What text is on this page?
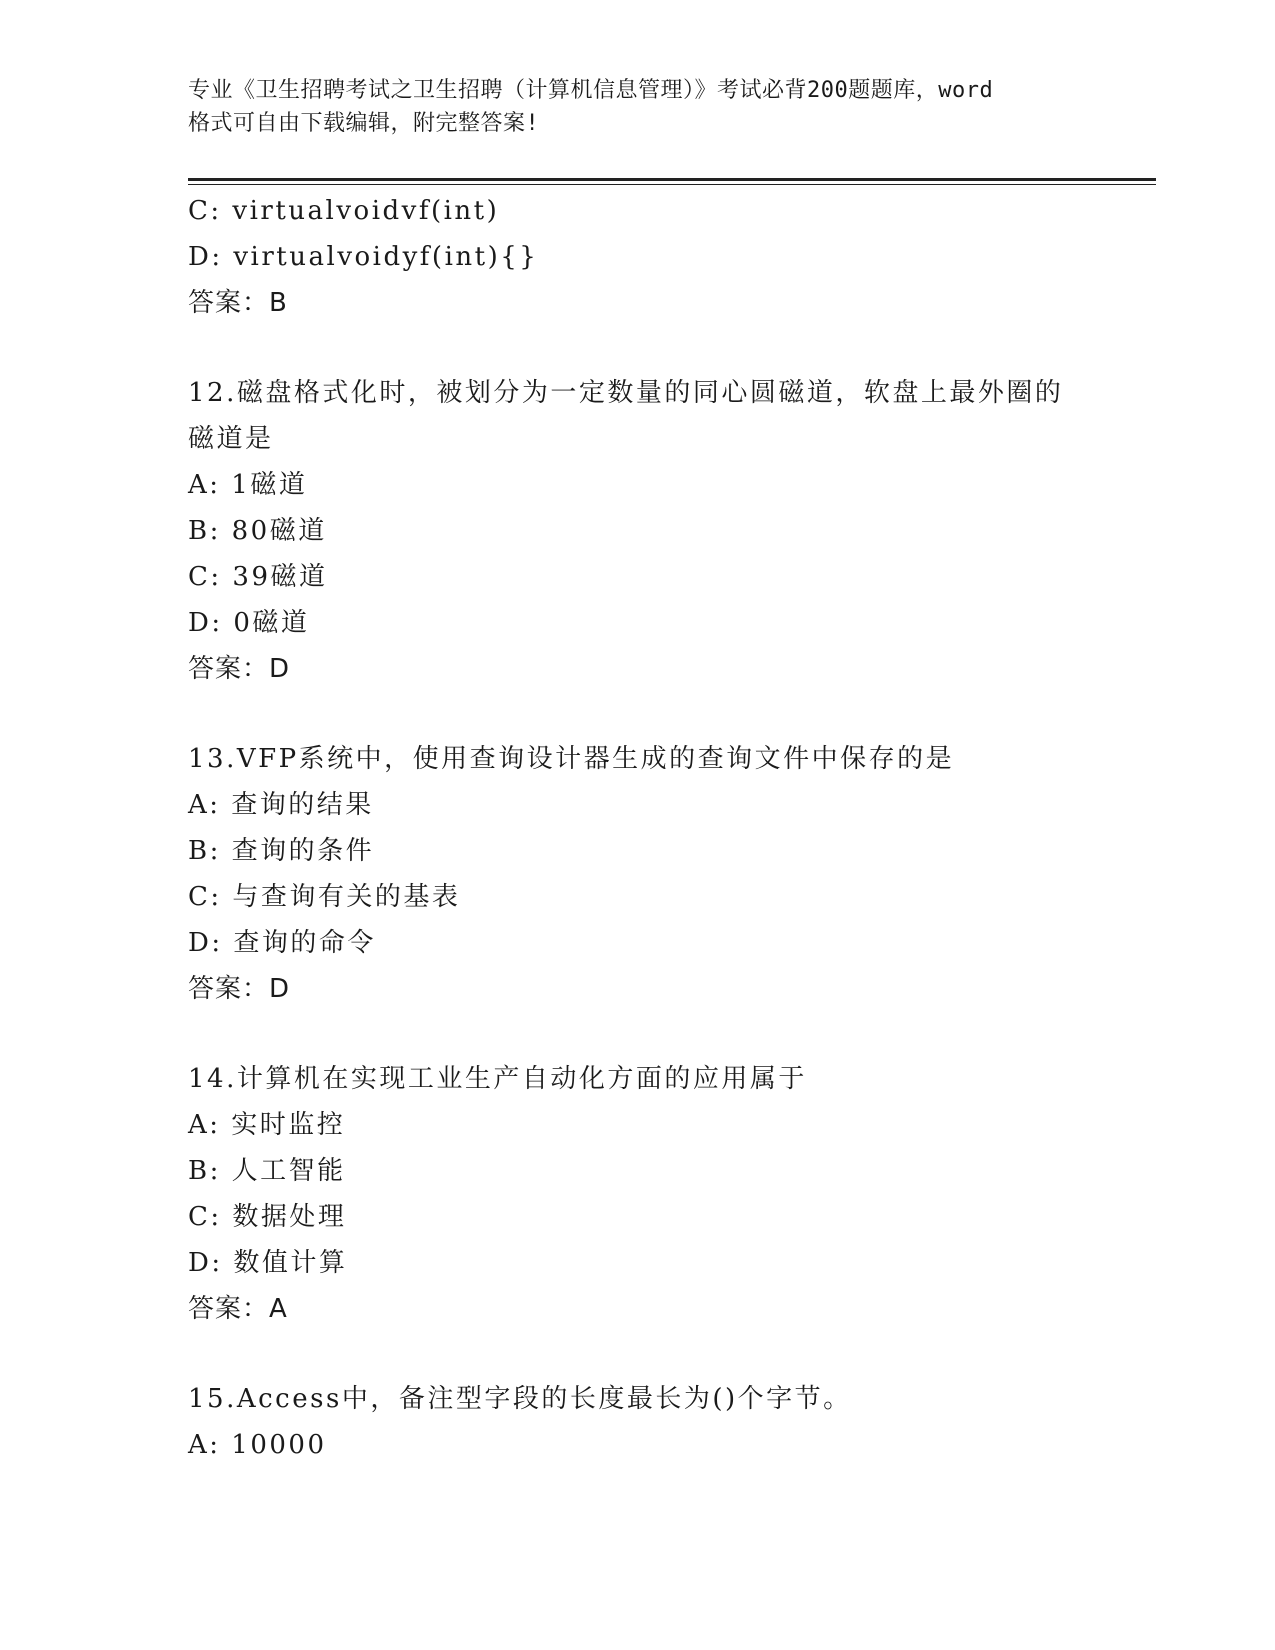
专业《卫生招聘考试之卫生招聘（计算机信息管理）》考试必背200题题库，word
格式可自由下载编辑，附完整答案!
C: virtualvoidvf(int)
D: virtualvoidyf(int){}
答案：B
12.磁盘格式化时，被划分为一定数量的同心圆磁道，软盘上最外圈的
磁道是
A: 1磁道
B: 80磁道
C: 39磁道
D: 0磁道
答案：D
13.VFP系统中，使用查询设计器生成的查询文件中保存的是
A: 查询的结果
B: 查询的条件
C: 与查询有关的基表
D: 查询的命令
答案：D
14.计算机在实现工业生产自动化方面的应用属于
A: 实时监控
B: 人工智能
C: 数据处理
D: 数值计算
答案：A
15.Access中，备注型字段的长度最长为()个字节。
A: 10000
